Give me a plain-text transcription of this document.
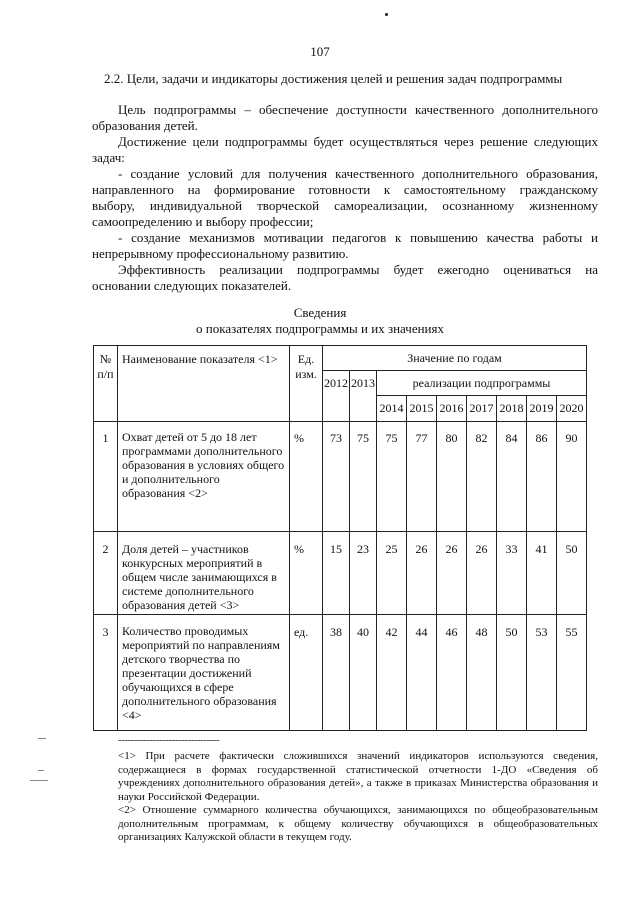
107
2.2. Цели, задачи и индикаторы достижения целей и решения задач подпрограммы
Цель подпрограммы – обеспечение доступности качественного дополнительного
образования детей.
Достижение цели подпрограммы будет осуществляться через решение следующих
задач:
- создание условий для получения качественного дополнительного образования,
направленного на формирование готовности к самостоятельному гражданскому
выбору, индивидуальной творческой самореализации, осознанному жизненному
самоопределению и выбору профессии;
- создание механизмов мотивации педагогов к повышению качества работы и
непрерывному профессиональному развитию.
Эффективность реализации подпрограммы будет ежегодно оцениваться на
основании следующих показателей.
Сведения
о показателях подпрограммы и их значениях
№ п/п	Наименование показателя <1>	Ед. изм.	Значение по годам								
			2012	2013	реализации подпрограммы						
					2014	2015	2016	2017	2018	2019	2020
1	Охват детей от 5 до 18 лет программами дополнительного образования в условиях общего и дополнительного образования <2>	%	73	75	75	77	80	82	84	86	90
2	Доля детей – участников конкурсных мероприятий в общем числе занимающихся в системе дополнительного образования детей <3>	%	15	23	25	26	26	26	33	41	50
3	Количество проводимых мероприятий по направлениям детского творчества по презентации достижений обучающихся в сфере дополнительного образования <4>	ед.	38	40	42	44	46	48	50	53	55
--------------------------------
<1> При расчете фактически сложившихся значений индикаторов используются сведения, содержащиеся в формах государственной статистической отчетности 1-ДО «Сведения об учреждениях дополнительного образования детей», а также в приказах Министерства образования и науки Российской Федерации.
<2> Отношение суммарного количества обучающихся, занимающихся по общеобразовательным дополнительным программам, к общему количеству обучающихся в общеобразовательных организациях Калужской области в текущем году.
